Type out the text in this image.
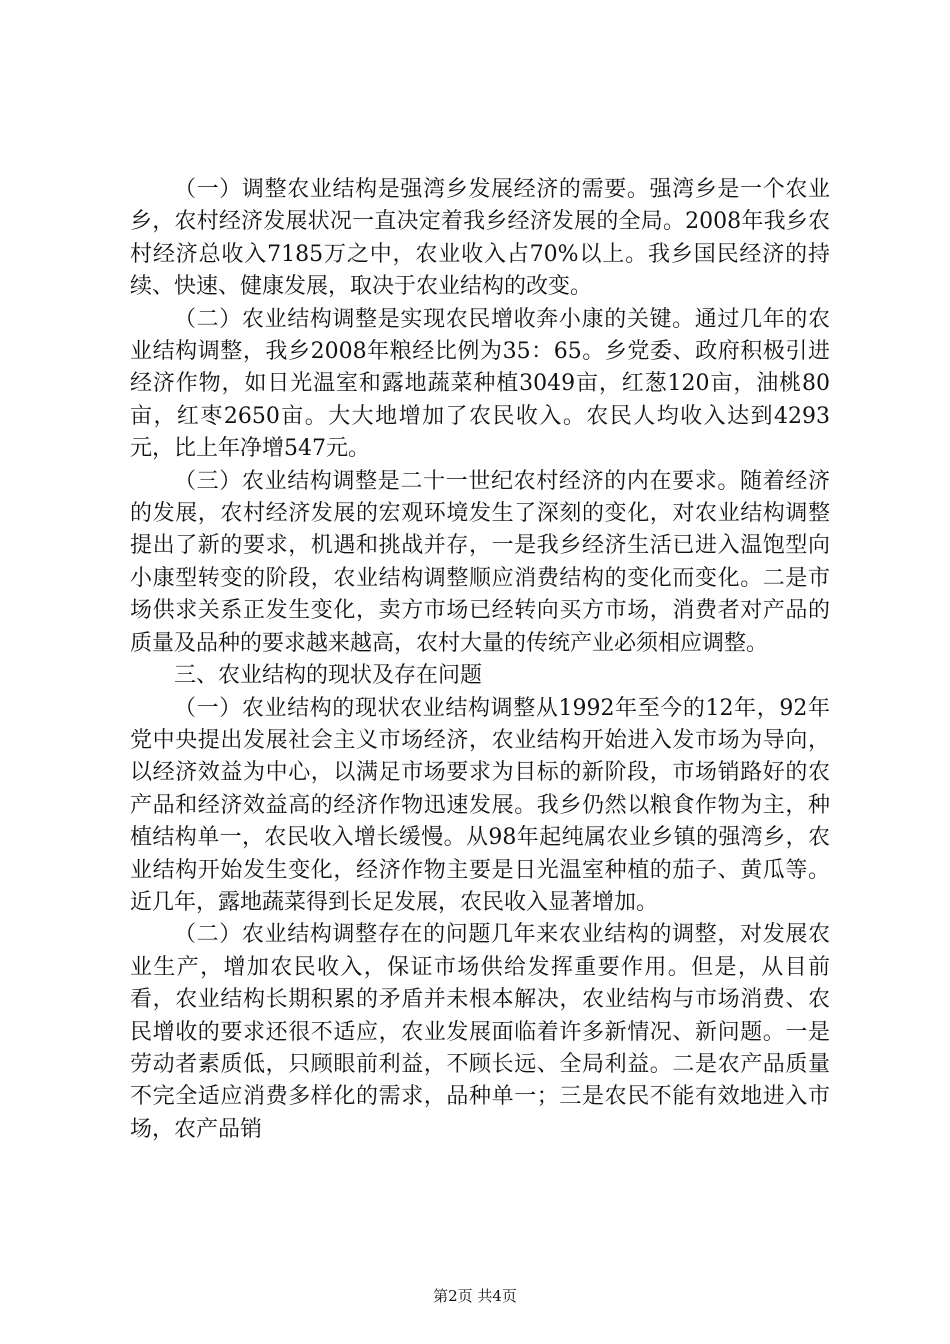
（一）调整农业结构是强湾乡发展经济的需要。强湾乡是一个农业乡，农村经济发展状况一直决定着我乡经济发展的全局。2008年我乡农村经济总收入7185万之中，农业收入占70%以上。我乡国民经济的持续、快速、健康发展，取决于农业结构的改变。

（二）农业结构调整是实现农民增收奔小康的关键。通过几年的农业结构调整，我乡2008年粮经比例为35：65。乡党委、政府积极引进经济作物，如日光温室和露地蔬菜种植3049亩，红葱120亩，油桃80亩，红枣2650亩。大大地增加了农民收入。农民人均收入达到4293元，比上年净增547元。

（三）农业结构调整是二十一世纪农村经济的内在要求。随着经济的发展，农村经济发展的宏观环境发生了深刻的变化，对农业结构调整提出了新的要求，机遇和挑战并存，一是我乡经济生活已进入温饱型向小康型转变的阶段，农业结构调整顺应消费结构的变化而变化。二是市场供求关系正发生变化，卖方市场已经转向买方市场，消费者对产品的质量及品种的要求越来越高，农村大量的传统产业必须相应调整。

三、农业结构的现状及存在问题

（一）农业结构的现状农业结构调整从1992年至今的12年，92年党中央提出发展社会主义市场经济，农业结构开始进入发市场为导向，以经济效益为中心，以满足市场要求为目标的新阶段，市场销路好的农产品和经济效益高的经济作物迅速发展。我乡仍然以粮食作物为主，种植结构单一，农民收入增长缓慢。从98年起纯属农业乡镇的强湾乡，农业结构开始发生变化，经济作物主要是日光温室种植的茄子、黄瓜等。近几年，露地蔬菜得到长足发展，农民收入显著增加。

（二）农业结构调整存在的问题几年来农业结构的调整，对发展农业生产，增加农民收入，保证市场供给发挥重要作用。但是，从目前看，农业结构长期积累的矛盾并未根本解决，农业结构与市场消费、农民增收的要求还很不适应，农业发展面临着许多新情况、新问题。一是劳动者素质低，只顾眼前利益，不顾长远、全局利益。二是农产品质量不完全适应消费多样化的需求，品种单一；三是农民不能有效地进入市场，农产品销

第2页 共4页
